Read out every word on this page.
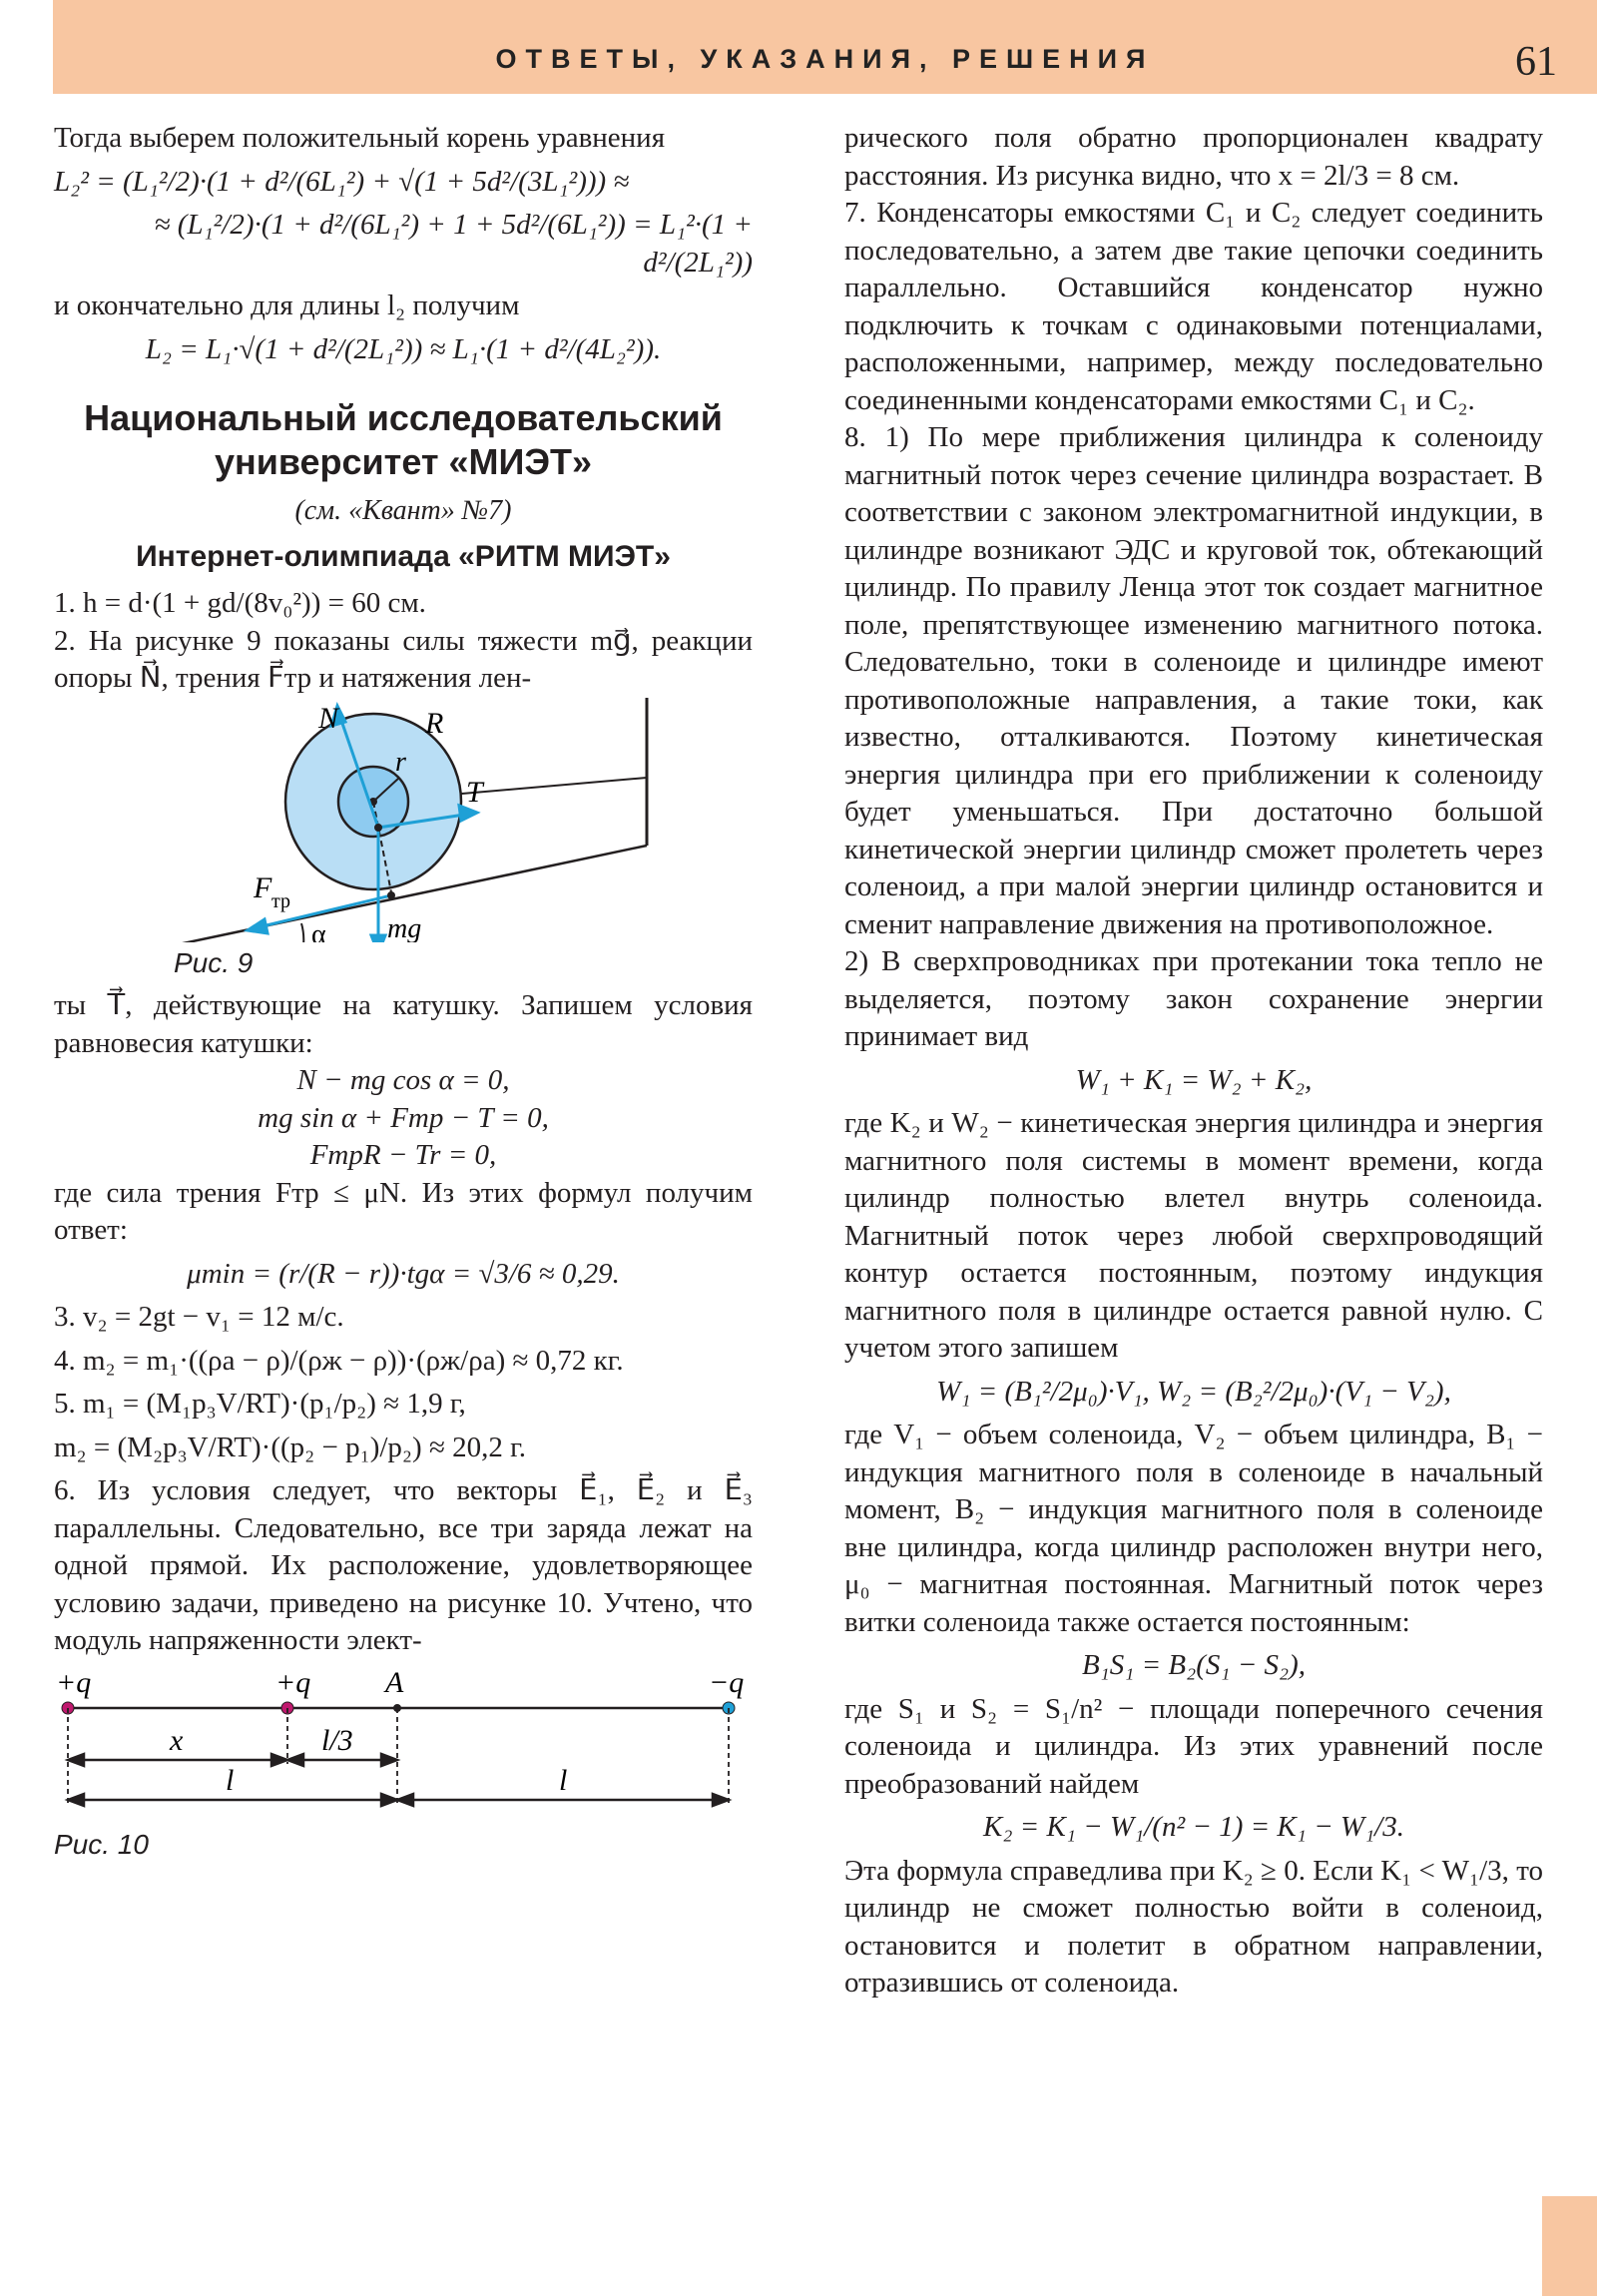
ОТВЕТЫ, УКАЗАНИЯ, РЕШЕНИЯ	61

Тогда выберем положительный корень уравнения

L₂² = (L₁²/2)·(1 + d²/(6L₁²) + √(1 + 5d²/(3L₁²))) ≈
≈ (L₁²/2)·(1 + d²/(6L₁²) + 1 + 5d²/(6L₁²)) = L₁²·(1 + d²/(2L₁²))

и окончательно для длины l₂ получим

L₂ = L₁·√(1 + d²/(2L₁²)) ≈ L₁·(1 + d²/(4L₂²)).
Национальный исследовательский университет «МИЭТ»
(см. «Квант» №7)
Интернет-олимпиада «РИТМ МИЭТ»

1. h = d·(1 + gd/(8v₀²)) = 60 см.

2. На рисунке 9 показаны силы тяжести mg⃗, реакции опоры N⃗, трения F⃗тр и натяжения лен-

N	R
r
T
F тр
α mg
Рис. 9

ты T⃗, действующие на катушку. Запишем условия равновесия катушки:

N − mg cos α = 0,
mg sin α + Fтр − T = 0,
FтрR − Tr = 0,

где сила трения Fтр ≤ μN. Из этих формул получим ответ:

μmin = (r/(R − r))·tgα = √3/6 ≈ 0,29.

3. v₂ = 2gt − v₁ = 12 м/с.

4. m₂ = m₁·((ρа − ρ)/(ρж − ρ))·(ρж/ρа) ≈ 0,72 кг.

5. m₁ = (M₁p₃V/RT)·(p₁/p₂) ≈ 1,9 г,

m₂ = (M₂p₃V/RT)·((p₂ − p₁)/p₂) ≈ 20,2 г.

6. Из условия следует, что векторы E⃗₁, E⃗₂ и E⃗₃ параллельны. Следовательно, все три заряда лежат на одной прямой. Их расположение, удовлетворяющее условию задачи, приведено на рисунке 10. Учтено, что модуль напряженности элект-

+q	+q A	−q
x	l/3
l	l
Рис. 10

рического поля обратно пропорционален квадрату расстояния. Из рисунка видно, что x = 2l/3 = 8 см.

7. Конденсаторы емкостями C₁ и C₂ следует соединить последовательно, а затем две такие цепочки соединить параллельно. Оставшийся конденсатор нужно подключить к точкам с одинаковыми потенциалами, расположенными, например, между последовательно соединенными конденсаторами емкостями C₁ и C₂.

8. 1) По мере приближения цилиндра к соленоиду магнитный поток через сечение цилиндра возрастает. В соответствии с законом электромагнитной индукции, в цилиндре возникают ЭДС и круговой ток, обтекающий цилиндр. По правилу Ленца этот ток создает магнитное поле, препятствующее изменению магнитного потока. Следовательно, токи в соленоиде и цилиндре имеют противоположные направления, а такие токи, как известно, отталкиваются. Поэтому кинетическая энергия цилиндра при его приближении к соленоиду будет уменьшаться. При достаточно большой кинетической энергии цилиндр сможет пролететь через соленоид, а при малой энергии цилиндр остановится и сменит направление движения на противоположное.

2) В сверхпроводниках при протекании тока тепло не выделяется, поэтому закон сохранение энергии принимает вид

W₁ + K₁ = W₂ + K₂,

где K₂ и W₂ − кинетическая энергия цилиндра и энергия магнитного поля системы в момент времени, когда цилиндр полностью влетел внутрь соленоида. Магнитный поток через любой сверхпроводящий контур остается постоянным, поэтому индукция магнитного поля в цилиндре остается равной нулю. С учетом этого запишем

W₁ = (B₁²/2μ₀)·V₁, W₂ = (B₂²/2μ₀)·(V₁ − V₂),

где V₁ − объем соленоида, V₂ − объем цилиндра, B₁ − индукция магнитного поля в соленоиде в начальный момент, B₂ − индукция магнитного поля в соленоиде вне цилиндра, когда цилиндр расположен внутри него, μ₀ − магнитная постоянная. Магнитный поток через витки соленоида также остается постоянным:

B₁S₁ = B₂(S₁ − S₂),

где S₁ и S₂ = S₁/n² − площади поперечного сечения соленоида и цилиндра. Из этих уравнений после преобразований найдем

K₂ = K₁ − W₁/(n² − 1) = K₁ − W₁/3.

Эта формула справедлива при K₂ ≥ 0. Если K₁ < W₁/3, то цилиндр не сможет полностью войти в соленоид, остановится и полетит в обратном направлении, отразившись от соленоида.
